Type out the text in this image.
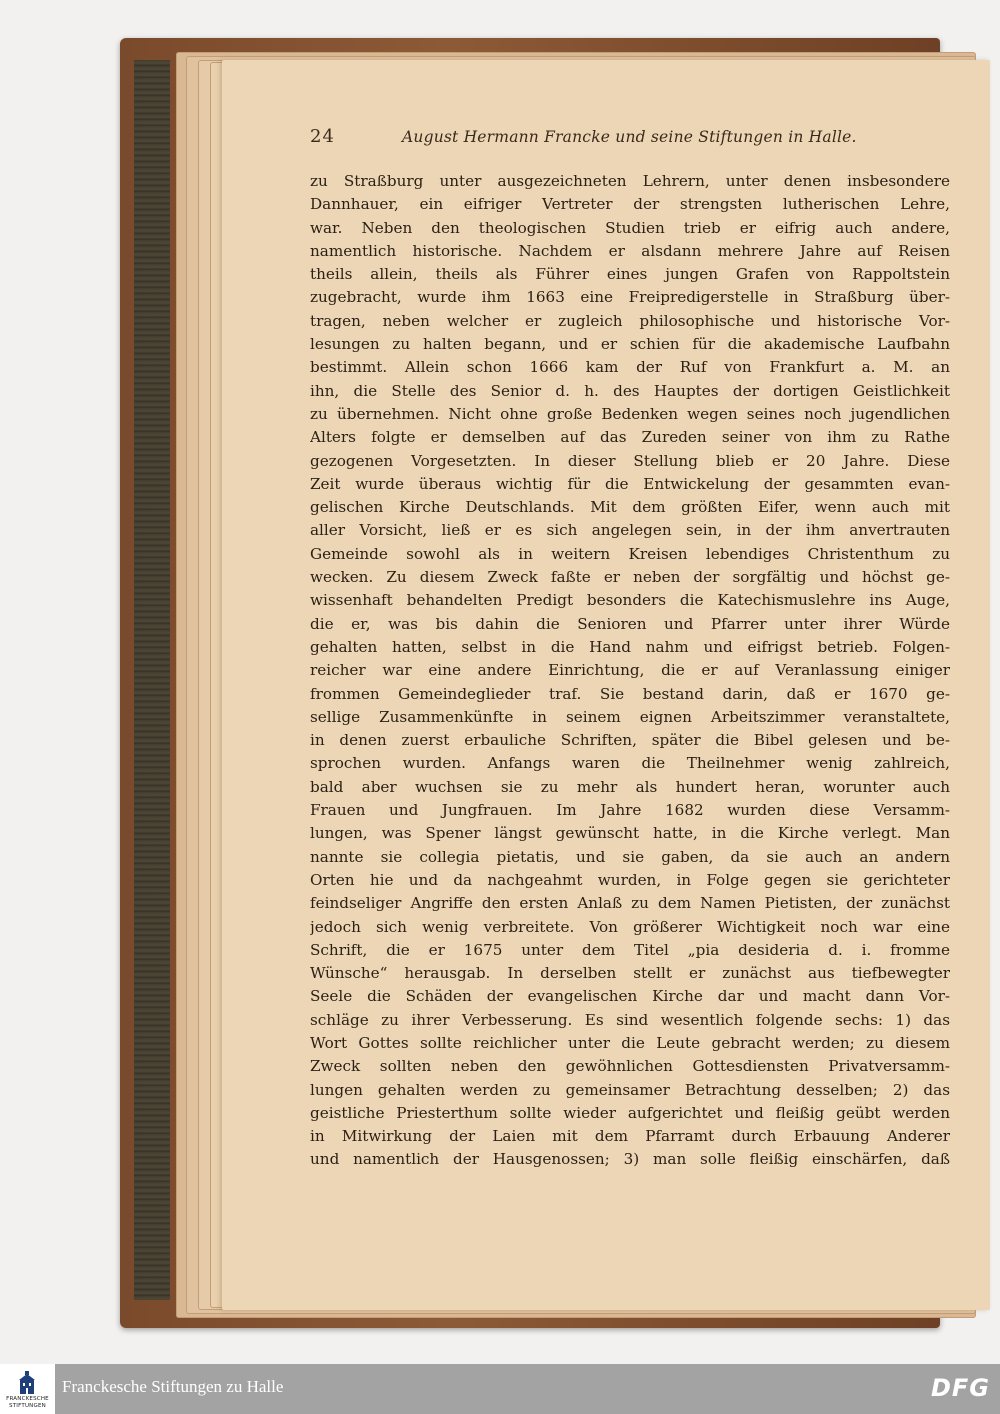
24	August Hermann Francke und seine Stiftungen in Halle.
zu Straßburg unter ausgezeichneten Lehrern, unter denen insbesondere
Dannhauer, ein eifriger Vertreter der strengsten lutherischen Lehre,
war. Neben den theologischen Studien trieb er eifrig auch andere,
namentlich historische. Nachdem er alsdann mehrere Jahre auf Reisen
theils allein, theils als Führer eines jungen Grafen von Rappoltstein
zugebracht, wurde ihm 1663 eine Freipredigerstelle in Straßburg über-
tragen, neben welcher er zugleich philosophische und historische Vor-
lesungen zu halten begann, und er schien für die akademische Laufbahn
bestimmt. Allein schon 1666 kam der Ruf von Frankfurt a. M. an
ihn, die Stelle des Senior d. h. des Hauptes der dortigen Geistlichkeit
zu übernehmen. Nicht ohne große Bedenken wegen seines noch jugendlichen
Alters folgte er demselben auf das Zureden seiner von ihm zu Rathe
gezogenen Vorgesetzten. In dieser Stellung blieb er 20 Jahre. Diese
Zeit wurde überaus wichtig für die Entwickelung der gesammten evan-
gelischen Kirche Deutschlands. Mit dem größten Eifer, wenn auch mit
aller Vorsicht, ließ er es sich angelegen sein, in der ihm anvertrauten
Gemeinde sowohl als in weitern Kreisen lebendiges Christenthum zu
wecken. Zu diesem Zweck faßte er neben der sorgfältig und höchst ge-
wissenhaft behandelten Predigt besonders die Katechismuslehre ins Auge,
die er, was bis dahin die Senioren und Pfarrer unter ihrer Würde
gehalten hatten, selbst in die Hand nahm und eifrigst betrieb. Folgen-
reicher war eine andere Einrichtung, die er auf Veranlassung einiger
frommen Gemeindeglieder traf. Sie bestand darin, daß er 1670 ge-
sellige Zusammenkünfte in seinem eignen Arbeitszimmer veranstaltete,
in denen zuerst erbauliche Schriften, später die Bibel gelesen und be-
sprochen wurden. Anfangs waren die Theilnehmer wenig zahlreich,
bald aber wuchsen sie zu mehr als hundert heran, worunter auch
Frauen und Jungfrauen. Im Jahre 1682 wurden diese Versamm-
lungen, was Spener längst gewünscht hatte, in die Kirche verlegt. Man
nannte sie collegia pietatis, und sie gaben, da sie auch an andern
Orten hie und da nachgeahmt wurden, in Folge gegen sie gerichteter
feindseliger Angriffe den ersten Anlaß zu dem Namen Pietisten, der zunächst
jedoch sich wenig verbreitete. Von größerer Wichtigkeit noch war eine
Schrift, die er 1675 unter dem Titel „pia desideria d. i. fromme
Wünsche“ herausgab. In derselben stellt er zunächst aus tiefbewegter
Seele die Schäden der evangelischen Kirche dar und macht dann Vor-
schläge zu ihrer Verbesserung. Es sind wesentlich folgende sechs: 1) das
Wort Gottes sollte reichlicher unter die Leute gebracht werden; zu diesem
Zweck sollten neben den gewöhnlichen Gottesdiensten Privatversamm-
lungen gehalten werden zu gemeinsamer Betrachtung desselben; 2) das
geistliche Priesterthum sollte wieder aufgerichtet und fleißig geübt werden
in Mitwirkung der Laien mit dem Pfarramt durch Erbauung Anderer
und namentlich der Hausgenossen; 3) man solle fleißig einschärfen, daß
FRANCKESCHE STIFTUNGEN
Franckesche Stiftungen zu Halle	DFG
